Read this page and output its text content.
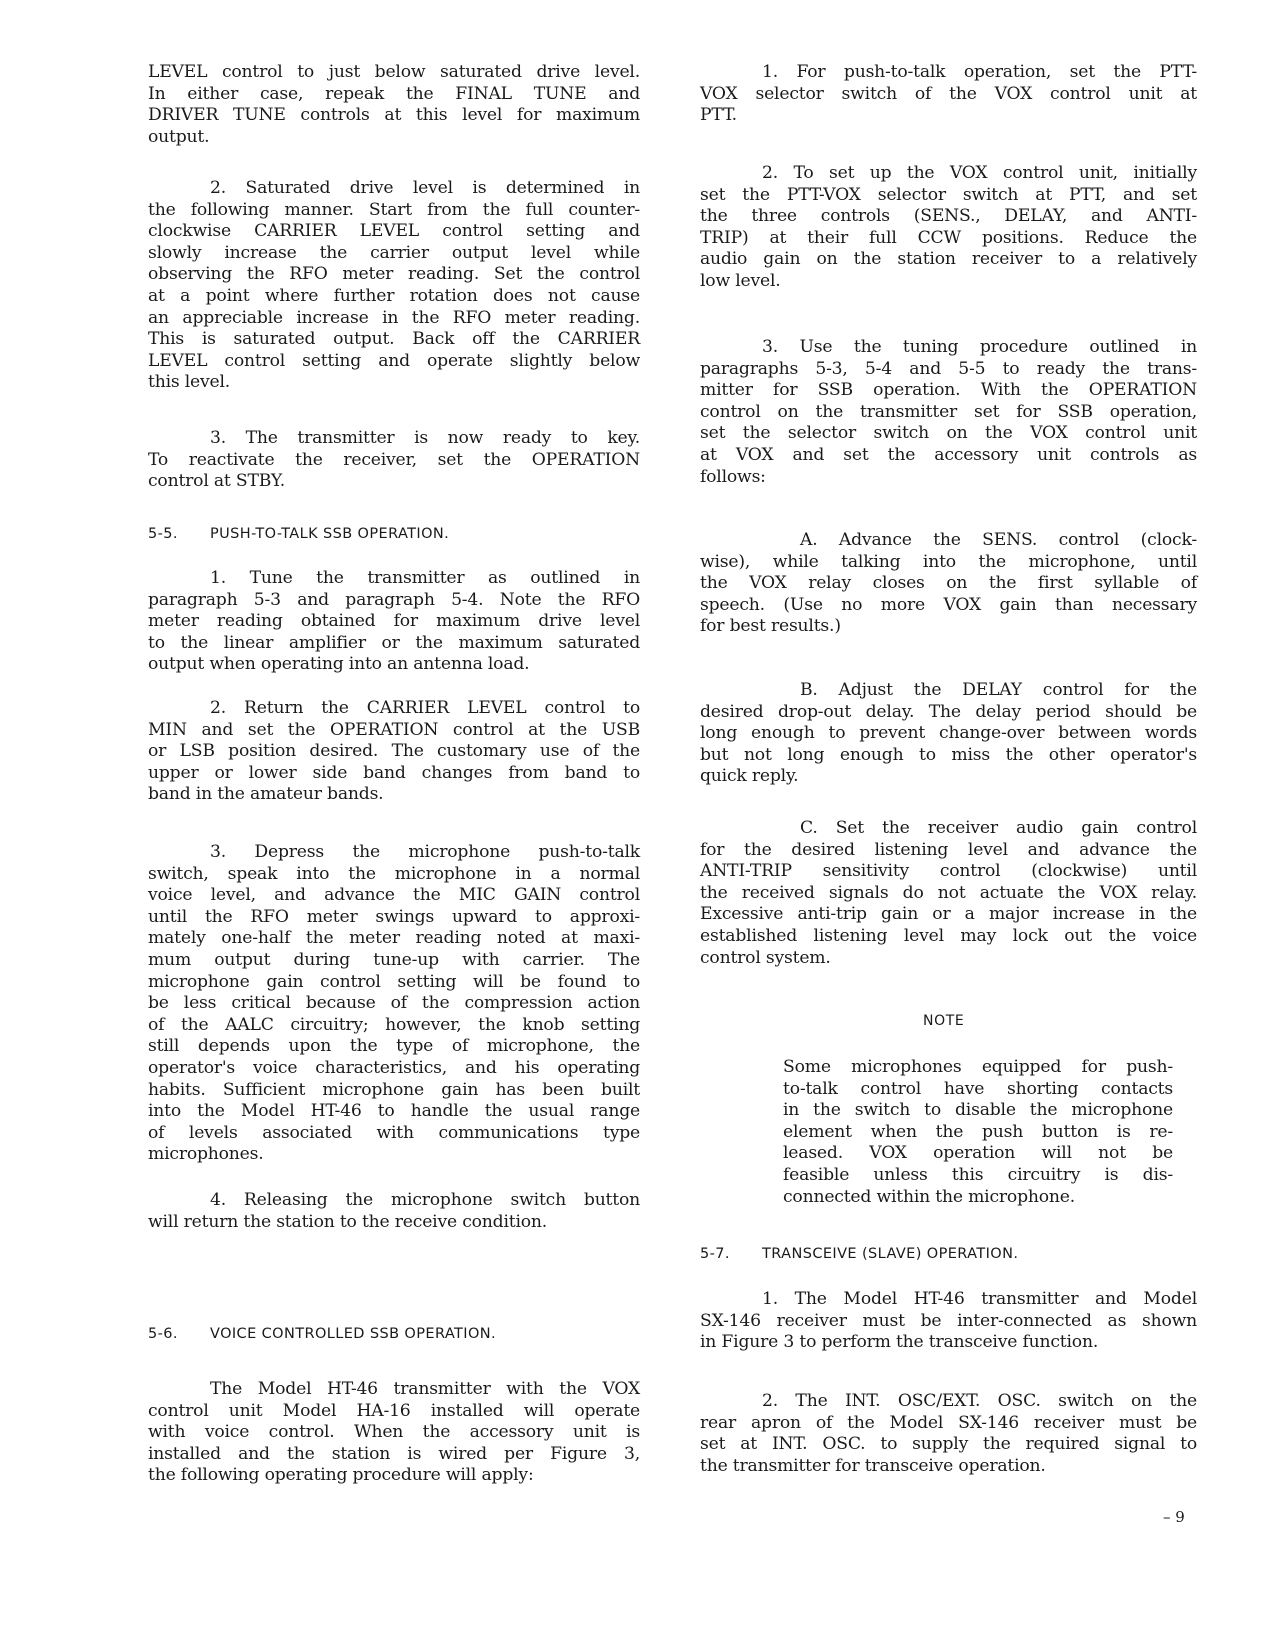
LEVEL control to just below saturated drive level.
In either case, repeak the FINAL TUNE and
DRIVER TUNE controls at this level for maximum
output.
2. Saturated drive level is determined in
the following manner. Start from the full counter-
clockwise CARRIER LEVEL control setting and
slowly increase the carrier output level while
observing the RFO meter reading. Set the control
at a point where further rotation does not cause
an appreciable increase in the RFO meter reading.
This is saturated output. Back off the CARRIER
LEVEL control setting and operate slightly below
this level.
3. The transmitter is now ready to key.
To reactivate the receiver, set the OPERATION
control at STBY.
5-5. PUSH-TO-TALK SSB OPERATION.
1. Tune the transmitter as outlined in
paragraph 5-3 and paragraph 5-4. Note the RFO
meter reading obtained for maximum drive level
to the linear amplifier or the maximum saturated
output when operating into an antenna load.
2. Return the CARRIER LEVEL control to
MIN and set the OPERATION control at the USB
or LSB position desired. The customary use of the
upper or lower side band changes from band to
band in the amateur bands.
3. Depress the microphone push-to-talk
switch, speak into the microphone in a normal
voice level, and advance the MIC GAIN control
until the RFO meter swings upward to approxi-
mately one-half the meter reading noted at maxi-
mum output during tune-up with carrier. The
microphone gain control setting will be found to
be less critical because of the compression action
of the AALC circuitry; however, the knob setting
still depends upon the type of microphone, the
operator's voice characteristics, and his operating
habits. Sufficient microphone gain has been built
into the Model HT-46 to handle the usual range
of levels associated with communications type
microphones.
4. Releasing the microphone switch button
will return the station to the receive condition.
5-6. VOICE CONTROLLED SSB OPERATION.
The Model HT-46 transmitter with the VOX
control unit Model HA-16 installed will operate
with voice control. When the accessory unit is
installed and the station is wired per Figure 3,
the following operating procedure will apply:
1. For push-to-talk operation, set the PTT-
VOX selector switch of the VOX control unit at
PTT.
2. To set up the VOX control unit, initially
set the PTT-VOX selector switch at PTT, and set
the three controls (SENS., DELAY, and ANTI-
TRIP) at their full CCW positions. Reduce the
audio gain on the station receiver to a relatively
low level.
3. Use the tuning procedure outlined in
paragraphs 5-3, 5-4 and 5-5 to ready the trans-
mitter for SSB operation. With the OPERATION
control on the transmitter set for SSB operation,
set the selector switch on the VOX control unit
at VOX and set the accessory unit controls as
follows:
A. Advance the SENS. control (clock-
wise), while talking into the microphone, until
the VOX relay closes on the first syllable of
speech. (Use no more VOX gain than necessary
for best results.)
B. Adjust the DELAY control for the
desired drop-out delay. The delay period should be
long enough to prevent change-over between words
but not long enough to miss the other operator's
quick reply.
C. Set the receiver audio gain control
for the desired listening level and advance the
ANTI-TRIP sensitivity control (clockwise) until
the received signals do not actuate the VOX relay.
Excessive anti-trip gain or a major increase in the
established listening level may lock out the voice
control system.
NOTE
Some microphones equipped for push-
to-talk control have shorting contacts
in the switch to disable the microphone
element when the push button is re-
leased. VOX operation will not be
feasible unless this circuitry is dis-
connected within the microphone.
5-7. TRANSCEIVE (SLAVE) OPERATION.
1. The Model HT-46 transmitter and Model
SX-146 receiver must be inter-connected as shown
in Figure 3 to perform the transceive function.
2. The INT. OSC/EXT. OSC. switch on the
rear apron of the Model SX-146 receiver must be
set at INT. OSC. to supply the required signal to
the transmitter for transceive operation.
– 9
